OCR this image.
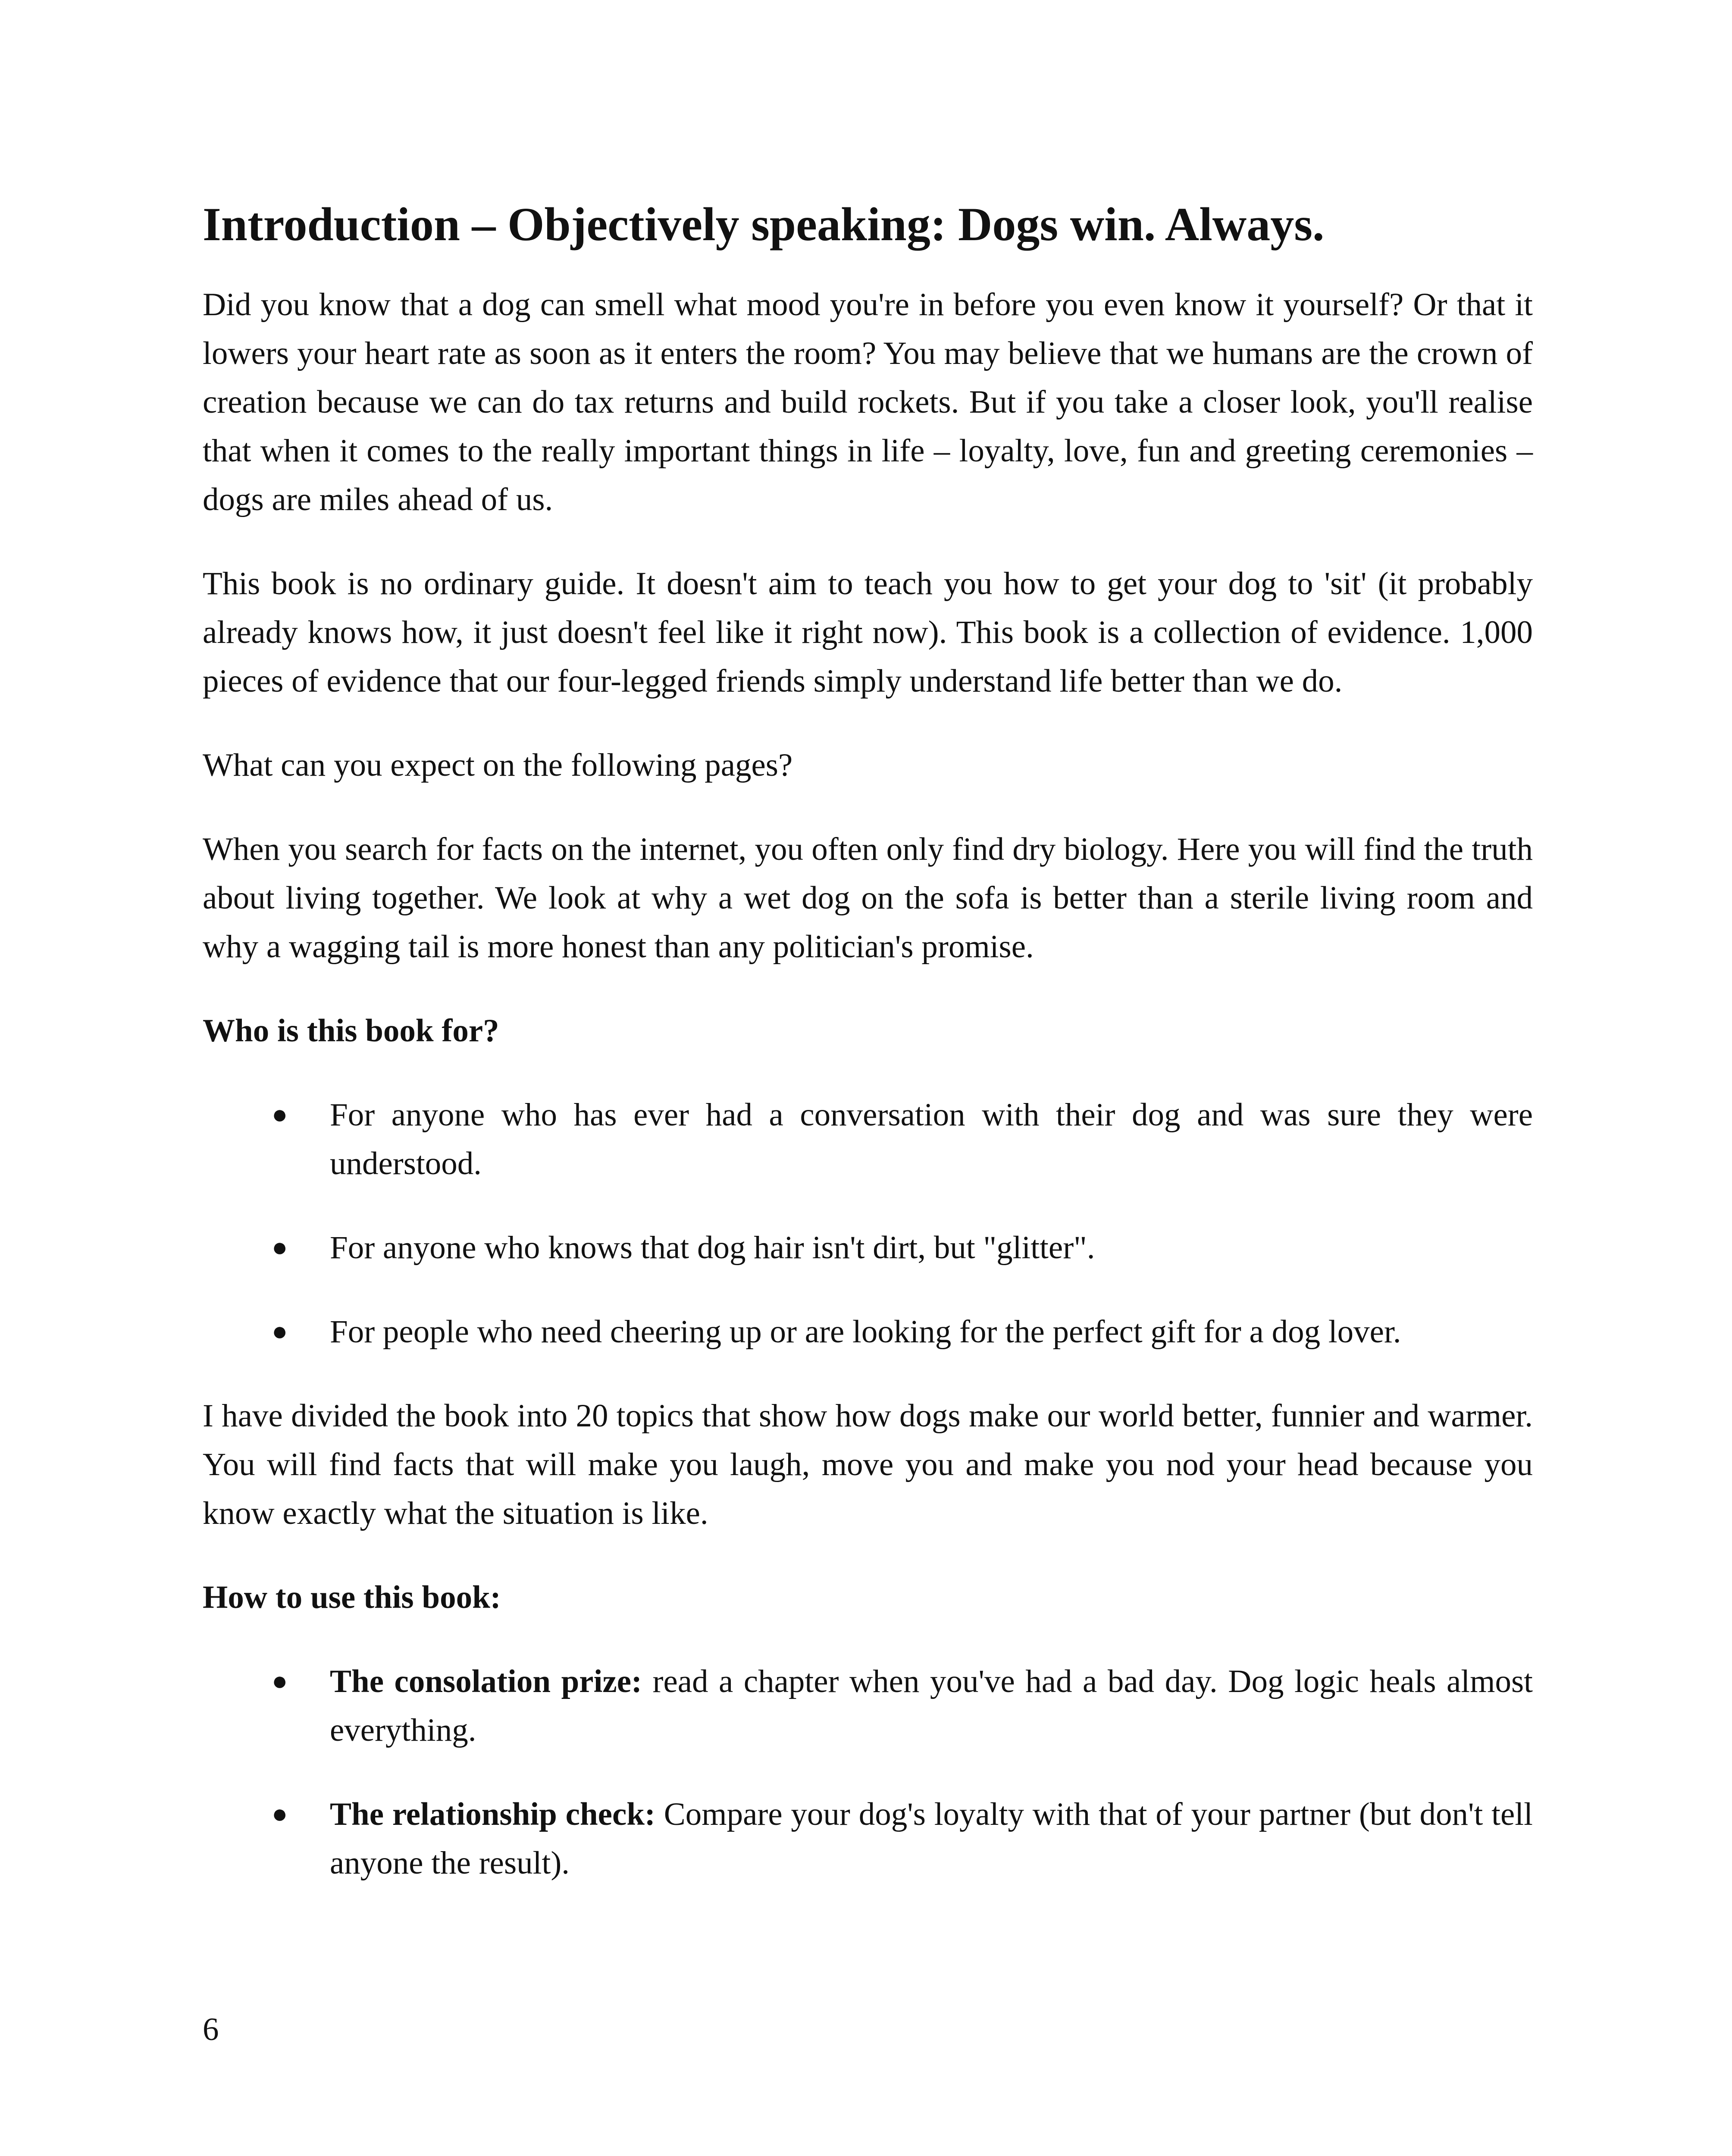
Introduction – Objectively speaking: Dogs win. Always.

Did you know that a dog can smell what mood you're in before you even know it yourself? Or that it lowers your heart rate as soon as it enters the room? You may believe that we humans are the crown of creation because we can do tax returns and build rockets. But if you take a closer look, you'll realise that when it comes to the really important things in life – loyalty, love, fun and greeting ceremonies – dogs are miles ahead of us.

This book is no ordinary guide. It doesn't aim to teach you how to get your dog to 'sit' (it probably already knows how, it just doesn't feel like it right now). This book is a collection of evidence. 1,000 pieces of evidence that our four-legged friends simply understand life better than we do.

What can you expect on the following pages?

When you search for facts on the internet, you often only find dry biology. Here you will find the truth about living together. We look at why a wet dog on the sofa is better than a sterile living room and why a wagging tail is more honest than any politician's promise.

Who is this book for?
● For anyone who has ever had a conversation with their dog and was sure they were understood.
● For anyone who knows that dog hair isn't dirt, but "glitter".
● For people who need cheering up or are looking for the perfect gift for a dog lover.

I have divided the book into 20 topics that show how dogs make our world better, funnier and warmer. You will find facts that will make you laugh, move you and make you nod your head because you know exactly what the situation is like.

How to use this book:
● The consolation prize: read a chapter when you've had a bad day. Dog logic heals almost everything.
● The relationship check: Compare your dog's loyalty with that of your partner (but don't tell anyone the result).
6
